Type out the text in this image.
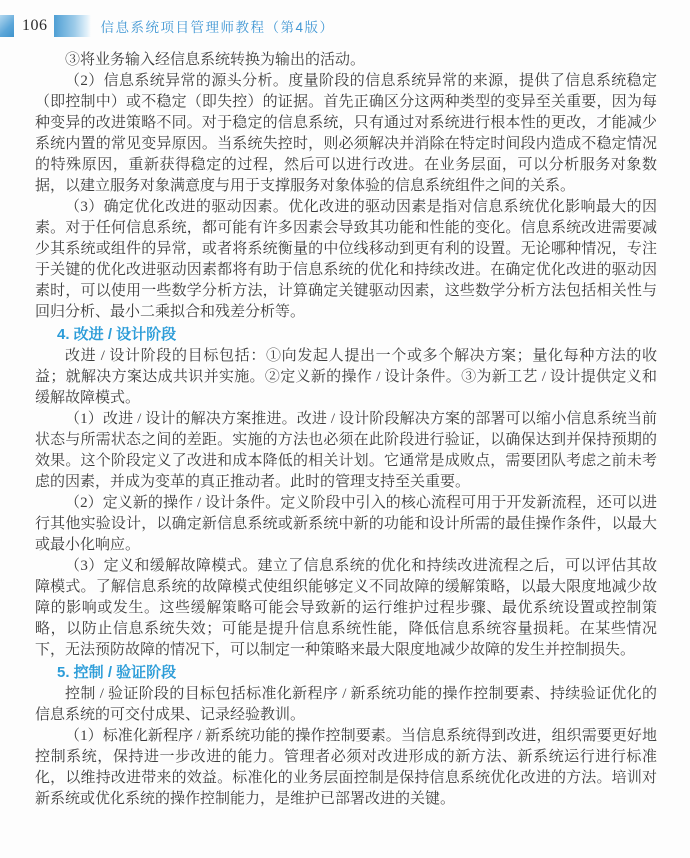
106	信息系统项目管理师教程（第4版）

③将业务输入经信息系统转换为输出的活动。

（2）信息系统异常的源头分析。度量阶段的信息系统异常的来源，提供了信息系统稳定（即控制中）或不稳定（即失控）的证据。首先正确区分这两种类型的变异至关重要，因为每种变异的改进策略不同。对于稳定的信息系统，只有通过对系统进行根本性的更改，才能减少系统内置的常见变异原因。当系统失控时，则必须解决并消除在特定时间段内造成不稳定情况的特殊原因，重新获得稳定的过程，然后可以进行改进。在业务层面，可以分析服务对象数据，以建立服务对象满意度与用于支撑服务对象体验的信息系统组件之间的关系。

（3）确定优化改进的驱动因素。优化改进的驱动因素是指对信息系统优化影响最大的因素。对于任何信息系统，都可能有许多因素会导致其功能和性能的变化。信息系统改进需要减少其系统或组件的异常，或者将系统衡量的中位线移动到更有利的设置。无论哪种情况，专注于关键的优化改进驱动因素都将有助于信息系统的优化和持续改进。在确定优化改进的驱动因素时，可以使用一些数学分析方法，计算确定关键驱动因素，这些数学分析方法包括相关性与回归分析、最小二乘拟合和残差分析等。

4. 改进 / 设计阶段

改进 / 设计阶段的目标包括：①向发起人提出一个或多个解决方案；量化每种方法的收益；就解决方案达成共识并实施。②定义新的操作 / 设计条件。③为新工艺 / 设计提供定义和缓解故障模式。

（1）改进 / 设计的解决方案推进。改进 / 设计阶段解决方案的部署可以缩小信息系统当前状态与所需状态之间的差距。实施的方法也必须在此阶段进行验证，以确保达到并保持预期的效果。这个阶段定义了改进和成本降低的相关计划。它通常是成败点，需要团队考虑之前未考虑的因素，并成为变革的真正推动者。此时的管理支持至关重要。

（2）定义新的操作 / 设计条件。定义阶段中引入的核心流程可用于开发新流程，还可以进行其他实验设计，以确定新信息系统或新系统中新的功能和设计所需的最佳操作条件，以最大或最小化响应。

（3）定义和缓解故障模式。建立了信息系统的优化和持续改进流程之后，可以评估其故障模式。了解信息系统的故障模式使组织能够定义不同故障的缓解策略，以最大限度地减少故障的影响或发生。这些缓解策略可能会导致新的运行维护过程步骤、最优系统设置或控制策略，以防止信息系统失效；可能是提升信息系统性能，降低信息系统容量损耗。在某些情况下，无法预防故障的情况下，可以制定一种策略来最大限度地减少故障的发生并控制损失。

5. 控制 / 验证阶段

控制 / 验证阶段的目标包括标准化新程序 / 新系统功能的操作控制要素、持续验证优化的信息系统的可交付成果、记录经验教训。

（1）标准化新程序 / 新系统功能的操作控制要素。当信息系统得到改进，组织需要更好地控制系统，保持进一步改进的能力。管理者必须对改进形成的新方法、新系统运行进行标准化，以维持改进带来的效益。标准化的业务层面控制是保持信息系统优化改进的方法。培训对新系统或优化系统的操作控制能力，是维护已部署改进的关键。
